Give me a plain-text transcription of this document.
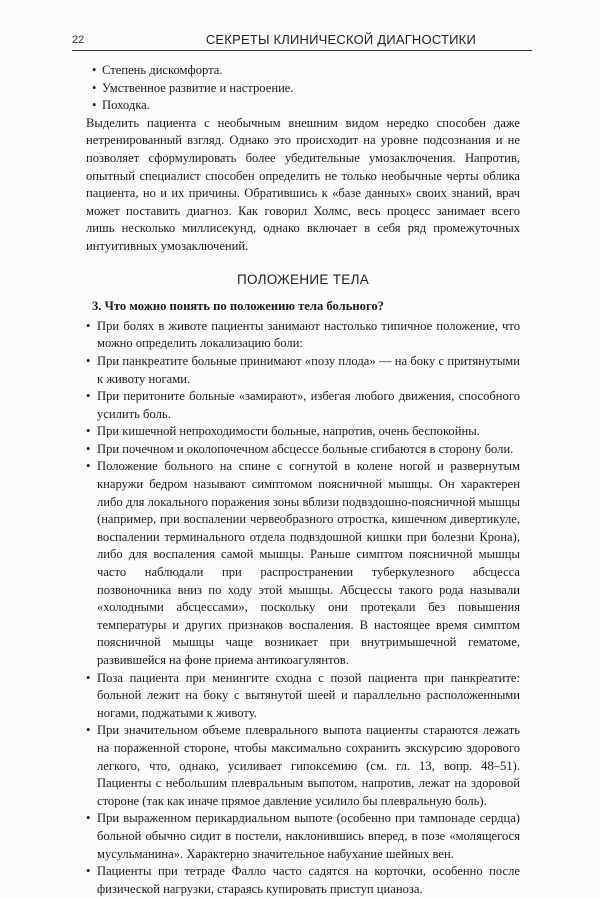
22	СЕКРЕТЫ КЛИНИЧЕСКОЙ ДИАГНОСТИКИ
• Степень дискомфорта.
• Умственное развитие и настроение.
• Походка.

Выделить пациента с необычным внешним видом нередко способен даже нетренированный взгляд. Однако это происходит на уровне подсознания и не позволяет сформулировать более убедительные умозаключения. Напротив, опытный специалист способен определить не только необычные черты облика пациента, но и их причины. Обратившись к «базе данных» своих знаний, врач может поставить диагноз. Как говорил Холмс, весь процесс занимает всего лишь несколько миллисекунд, однако включает в себя ряд промежуточных интуитивных умозаключений.

ПОЛОЖЕНИЕ ТЕЛА
3. Что можно понять по положению тела больного?
• При болях в животе пациенты занимают настолько типичное положение, что можно определить локализацию боли:
• При панкреатите больные принимают «позу плода» — на боку с притянутыми к животу ногами.
• При перитоните больные «замирают», избегая любого движения, способного усилить боль.
• При кишечной непроходимости больные, напротив, очень беспокойны.
• При почечном и околопочечном абсцессе больные сгибаются в сторону боли.
• Положение больного на спине с согнутой в колене ногой и развернутым кнаружи бедром называют симптомом поясничной мышцы. Он характерен либо для локального поражения зоны вблизи подвздошно-поясничной мышцы (например, при воспалении червеобразного отростка, кишечном дивертикуле, воспалении терминального отдела подвздошной кишки при болезни Крона), либо для воспаления самой мышцы. Раньше симптом поясничной мышцы часто наблюдали при распространении туберкулезного абсцесса позвоночника вниз по ходу этой мышцы. Абсцессы такого рода называли «холодными абсцессами», поскольку они протекали без повышения температуры и других признаков воспаления. В настоящее время симптом поясничной мышцы чаще возникает при внутримышечной гематоме, развившейся на фоне приема антикоагулянтов.
• Поза пациента при менингите сходна с позой пациента при панкреатите: больной лежит на боку с вытянутой шеей и параллельно расположенными ногами, поджатыми к животу.
• При значительном объеме плеврального выпота пациенты стараются лежать на пораженной стороне, чтобы максимально сохранить экскурсию здорового легкого, что, однако, усиливает гипоксемию (см. гл. 13, вопр. 48–51). Пациенты с небольшим плевральным выпотом, напротив, лежат на здоровой стороне (так как иначе прямое давление усилило бы плевральную боль).
• При выраженном перикардиальном выпоте (особенно при тампонаде сердца) больной обычно сидит в постели, наклонившись вперед, в позе «молящегося мусульманина». Характерно значительное набухание шейных вен.
• Пациенты при тетраде Фалло часто садятся на корточки, особенно после физической нагрузки, стараясь купировать приступ цианоза.
